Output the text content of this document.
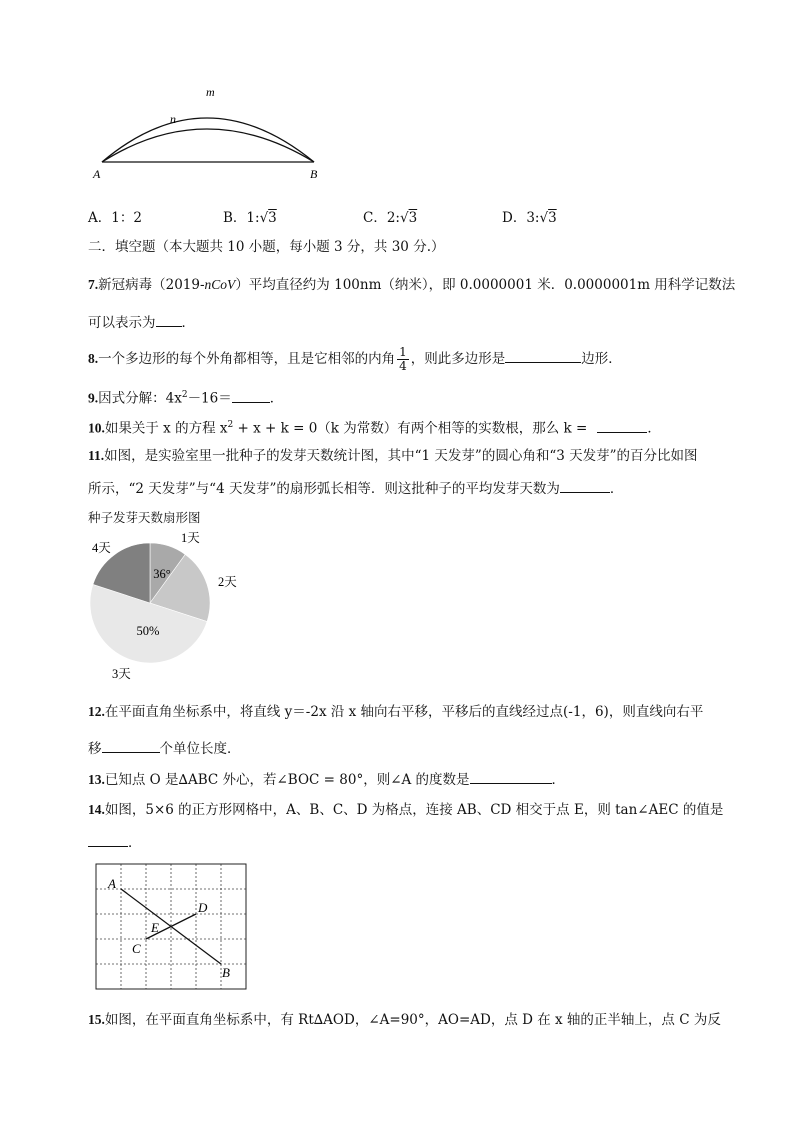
m
n
A	B
A．1：2	B．1:√3	C．2:√3	D．3:√3
二．填空题（本大题共 10 小题，每小题 3 分，共 30 分.）
7.新冠病毒（2019-nCoV）平均直径约为 100nm（纳米），即 0.0000001 米．0.0000001m 用科学记数法
可以表示为 ．
8.一个多边形的每个外角都相等，且是它相邻的内角 $\frac{1}{4}$ ，则此多边形是	边形．
9.因式分解：$4x^2-16=$	．
10.如果关于 x 的方程 $x^2 + x + k = 0(k$ 为常数）有两个相等的实数根，那么 k =	．
11.如图，是实验室里一批种子的发芽天数统计图，其中“1 天发芽”的圆心角和“3 天发芽”的百分比如图
所示，“2 天发芽”与“4 天发芽”的扇形弧长相等．则这批种子的平均发芽天数为	．
种子发芽天数扇形图
1天
36°
2天
3天
50%
4天
12.在平面直角坐标系中，将直线 y＝-2x 沿 x 轴向右平移，平移后的直线经过点(-1，6)，则直线向右平
移	个单位长度．
13.已知点 O 是∆ABC 外心，若∠BOC = 80°，则∠A 的度数是	．
14.如图，5×6 的正方形网格中，A、B、C、D 为格点，连接 AB、CD 相交于点 E，则 tan∠AEC 的值是
．
A
B
C
D
E
15.如图，在平面直角坐标系中，有 Rt∆AOD，∠A=90°，AO=AD，点 D 在 x 轴的正半轴上，点 C 为反
